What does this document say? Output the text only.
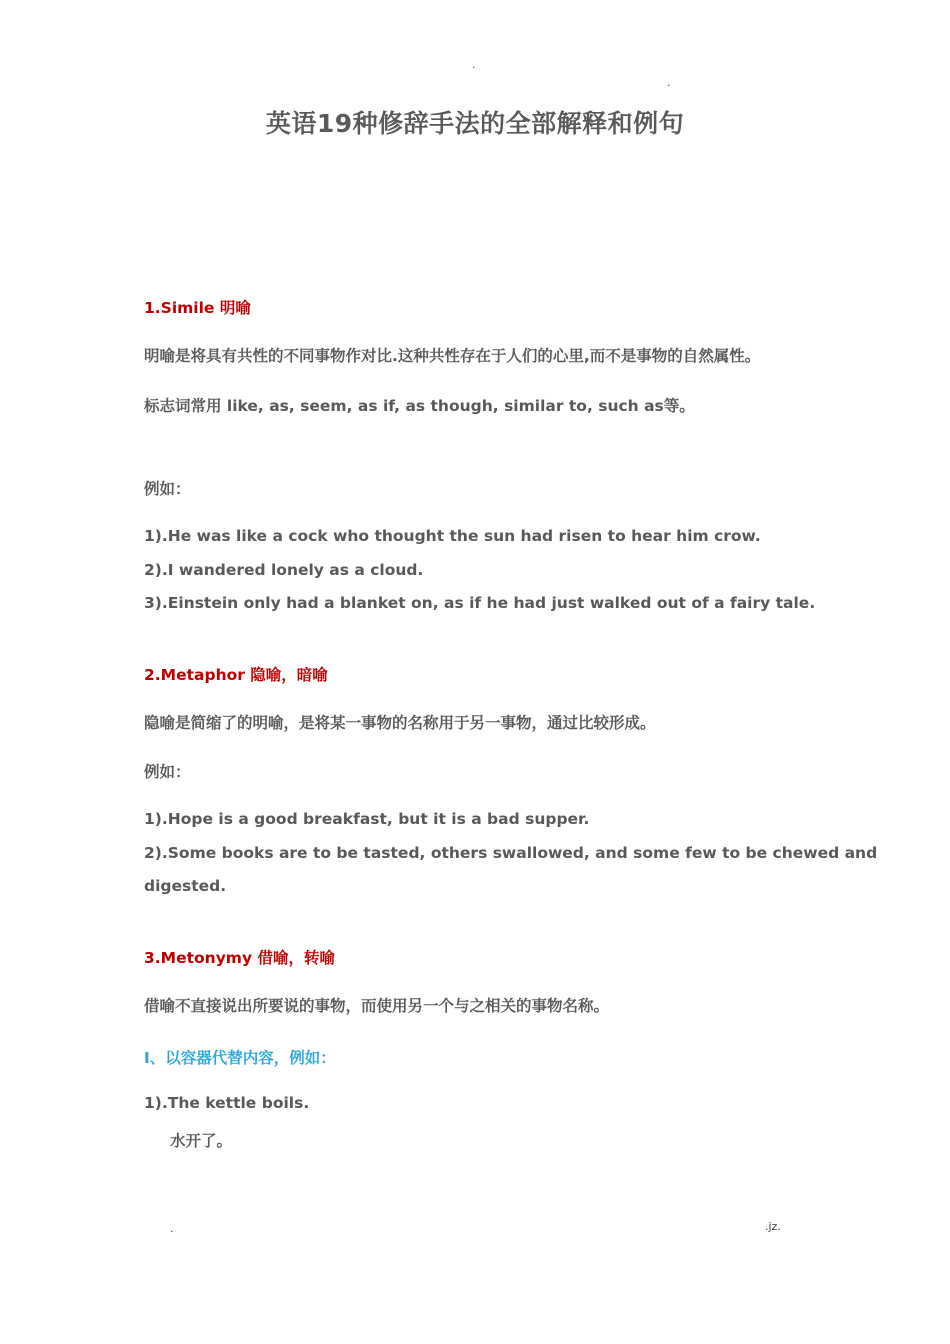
.
.
英语19种修辞手法的全部解释和例句
1.Simile 明喻
明喻是将具有共性的不同事物作对比.这种共性存在于人们的心里,而不是事物的自然属性。
标志词常用 like, as, seem, as if, as though, similar to, such as等。
例如：
1).He was like a cock who thought the sun had risen to hear him crow.
2).I wandered lonely as a cloud.
3).Einstein only had a blanket on, as if he had just walked out of a fairy tale.
2.Metaphor 隐喻，暗喻
隐喻是简缩了的明喻，是将某一事物的名称用于另一事物，通过比较形成。
例如：
1).Hope is a good breakfast, but it is a bad supper.
2).Some books are to be tasted, others swallowed, and some few to be chewed and
digested.
3.Metonymy 借喻，转喻
借喻不直接说出所要说的事物，而使用另一个与之相关的事物名称。
I、以容器代替内容，例如：
1).The kettle boils.
水开了。
.	.jz.
